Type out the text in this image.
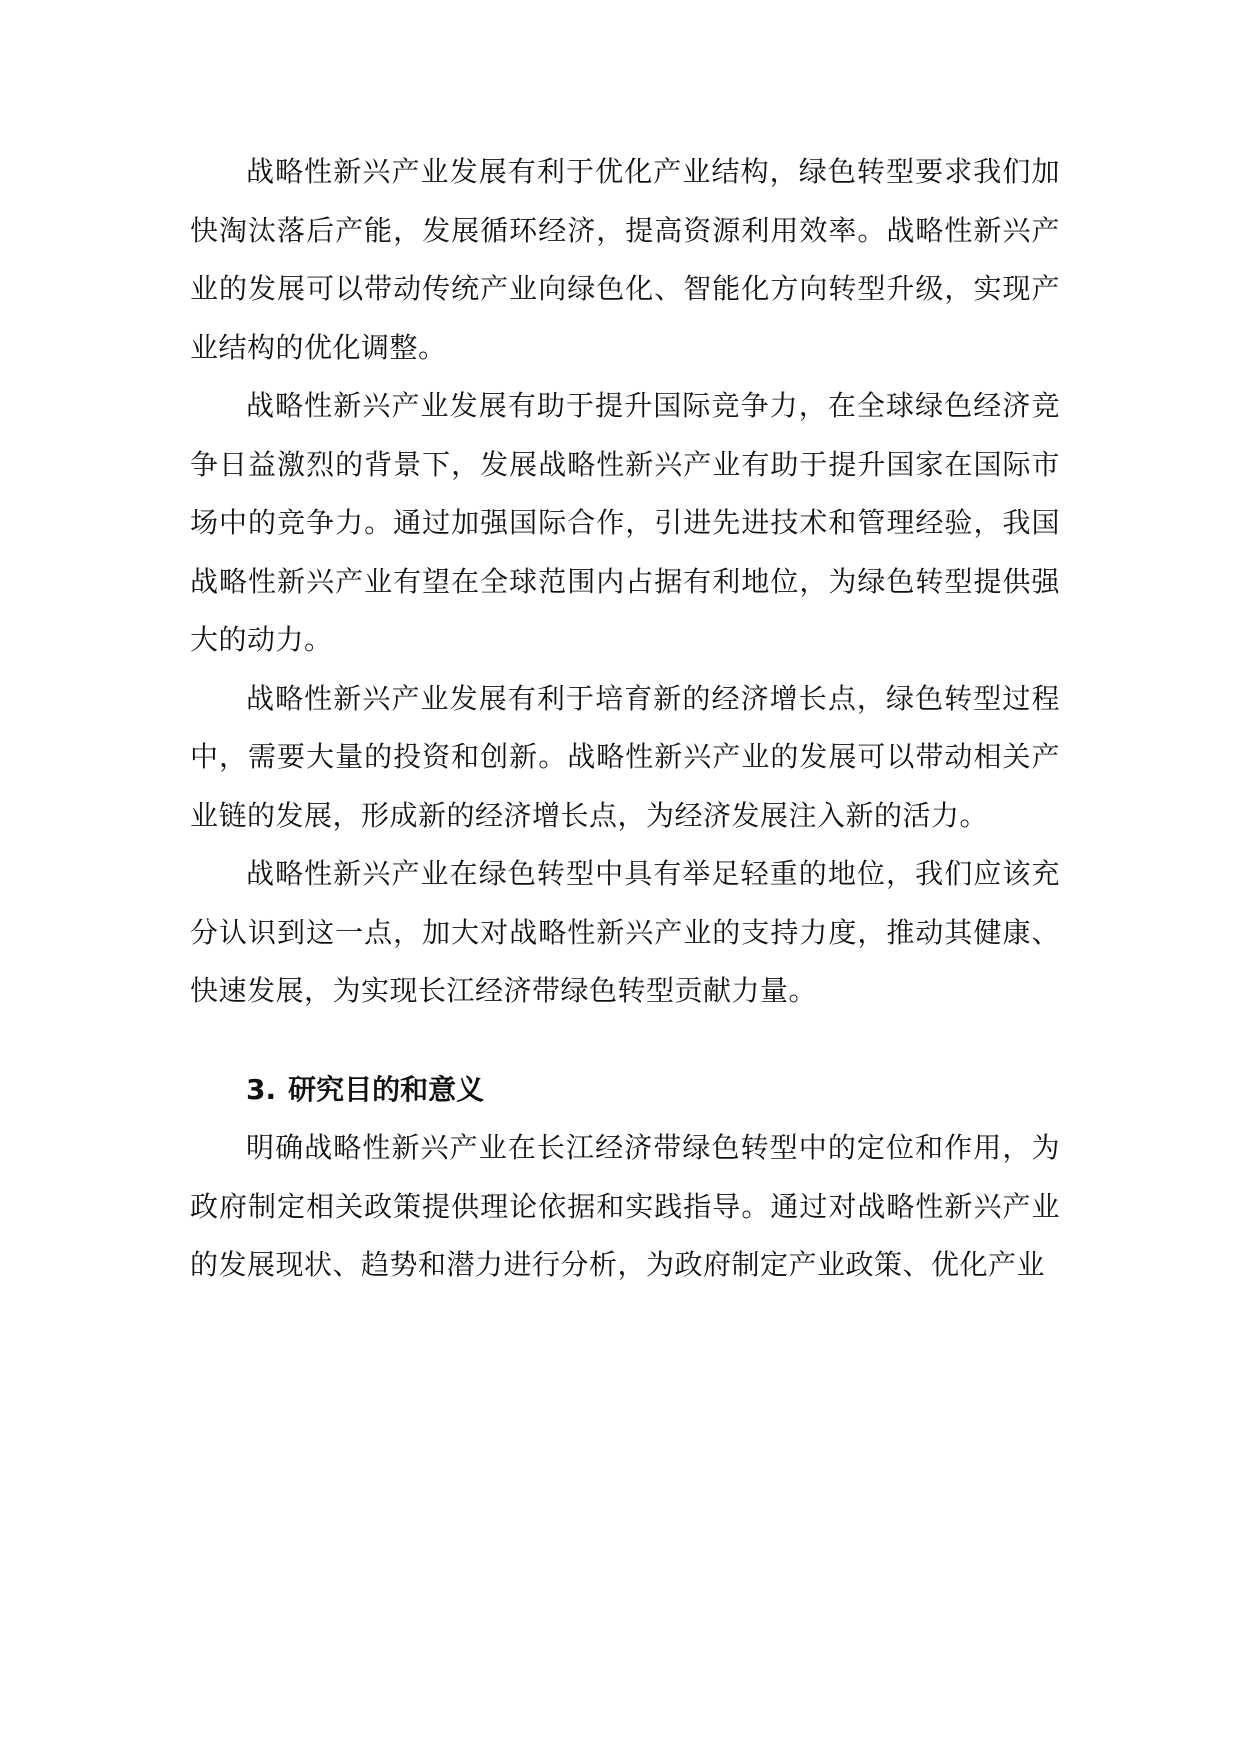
战略性新兴产业发展有利于优化产业结构，绿色转型要求我们加快淘汰落后产能，发展循环经济，提高资源利用效率。战略性新兴产业的发展可以带动传统产业向绿色化、智能化方向转型升级，实现产业结构的优化调整。

战略性新兴产业发展有助于提升国际竞争力，在全球绿色经济竞争日益激烈的背景下，发展战略性新兴产业有助于提升国家在国际市场中的竞争力。通过加强国际合作，引进先进技术和管理经验，我国战略性新兴产业有望在全球范围内占据有利地位，为绿色转型提供强大的动力。

战略性新兴产业发展有利于培育新的经济增长点，绿色转型过程中，需要大量的投资和创新。战略性新兴产业的发展可以带动相关产业链的发展，形成新的经济增长点，为经济发展注入新的活力。

战略性新兴产业在绿色转型中具有举足轻重的地位，我们应该充分认识到这一点，加大对战略性新兴产业的支持力度，推动其健康、快速发展，为实现长江经济带绿色转型贡献力量。

3. 研究目的和意义

明确战略性新兴产业在长江经济带绿色转型中的定位和作用，为政府制定相关政策提供理论依据和实践指导。通过对战略性新兴产业的发展现状、趋势和潜力进行分析，为政府制定产业政策、优化产业
